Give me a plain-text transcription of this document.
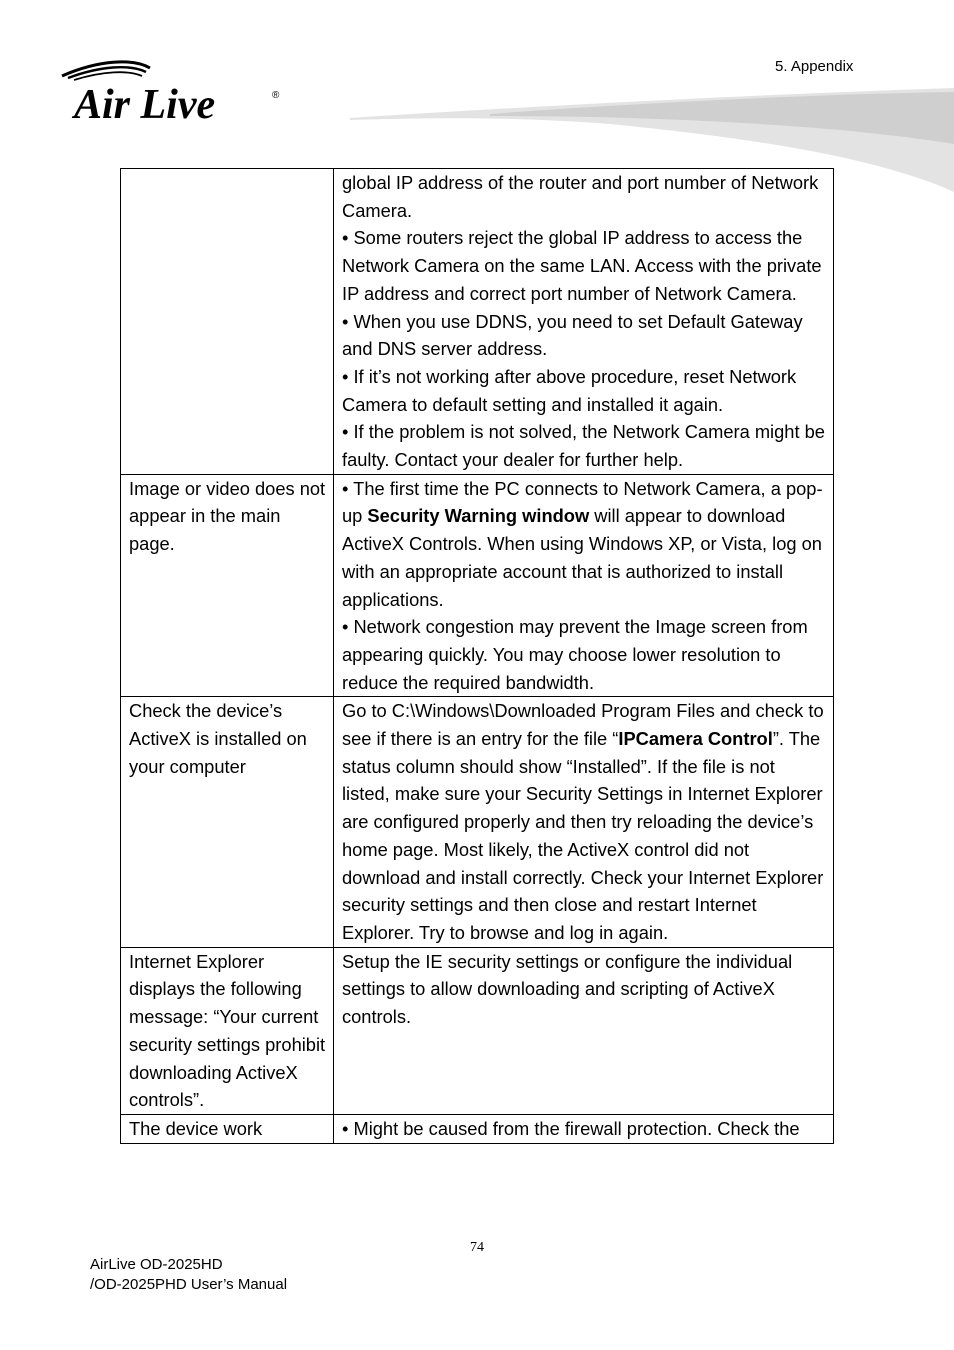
5. Appendix
Air Live	®

	global IP address of the router and port number of Network Camera.

• Some routers reject the global IP address to access the Network Camera on the same LAN. Access with the private IP address and correct port number of Network Camera.

• When you use DDNS, you need to set Default Gateway and DNS server address.

• If it’s not working after above procedure, reset Network Camera to default setting and installed it again.

• If the problem is not solved, the Network Camera might be faulty. Contact your dealer for further help.

Image or video does not appear in the main page.	• The first time the PC connects to Network Camera, a pop-up Security Warning window will appear to download ActiveX Controls. When using Windows XP, or Vista, log on with an appropriate account that is authorized to install applications.

• Network congestion may prevent the Image screen from appearing quickly. You may choose lower resolution to reduce the required bandwidth.

Check the device’s ActiveX is installed on your computer	Go to C:\Windows\Downloaded Program Files and check to see if there is an entry for the file “IPCamera Control”. The status column should show “Installed”. If the file is not listed, make sure your Security Settings in Internet Explorer are configured properly and then try reloading the device’s home page. Most likely, the ActiveX control did not download and install correctly. Check your Internet Explorer security settings and then close and restart Internet Explorer. Try to browse and log in again.

Internet Explorer displays the following message: “Your current security settings prohibit downloading ActiveX controls”.	Setup the IE security settings or configure the individual settings to allow downloading and scripting of ActiveX controls.

The device work	• Might be caused from the firewall protection. Check the

74
AirLive OD-2025HD
/OD-2025PHD User’s Manual
